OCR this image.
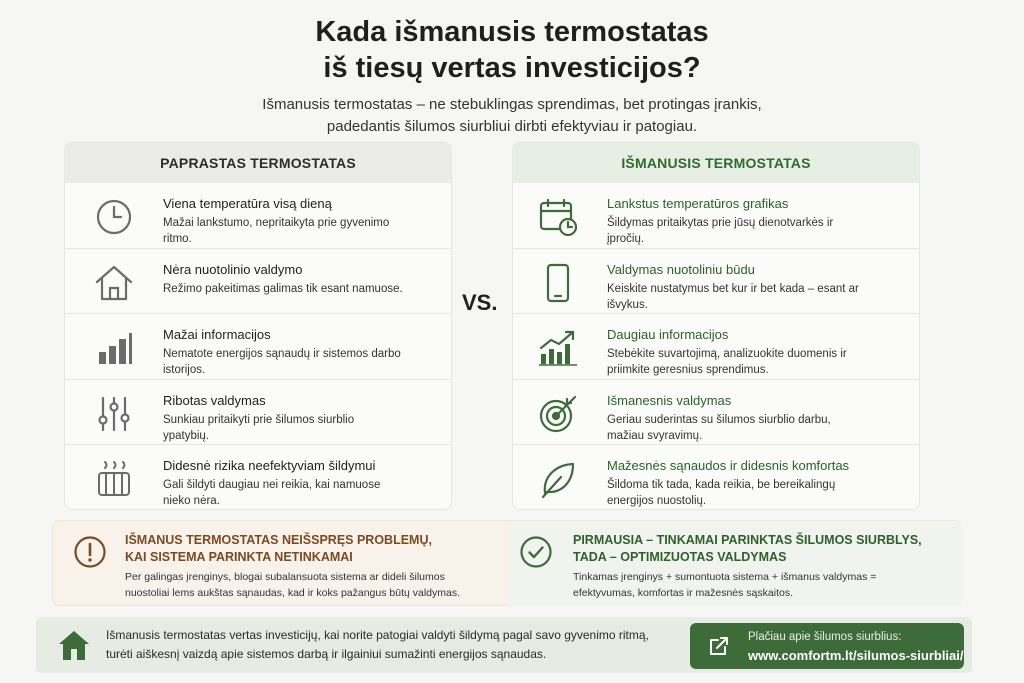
Kada išmanusis termostatas
iš tiesų vertas investicijos?
Išmanusis termostatas – ne stebuklingas sprendimas, bet protingas įrankis,
padedantis šilumos siurbliui dirbti efektyviau ir patogiau.
PAPRASTAS TERMOSTATAS
Viena temperatūra visą dieną
Mažai lankstumo, nepritaikyta prie gyvenimo ritmo.
Nėra nuotolinio valdymo
Režimo pakeitimas galimas tik esant namuose.
Mažai informacijos
Nematote energijos sąnaudų ir sistemos darbo istorijos.
Ribotas valdymas
Sunkiau pritaikyti prie šilumos siurblio ypatybių.
Didesnė rizika neefektyviam šildymui
Gali šildyti daugiau nei reikia, kai namuose nieko nėra.
VS.
IŠMANUSIS TERMOSTATAS
Lankstus temperatūros grafikas
Šildymas pritaikytas prie jūsų dienotvarkės ir įpročių.
Valdymas nuotoliniu būdu
Keiskite nustatymus bet kur ir bet kada – esant ar išvykus.
Daugiau informacijos
Stebėkite suvartojimą, analizuokite duomenis ir priimkite geresnius sprendimus.
Išmanesnis valdymas
Geriau suderintas su šilumos siurblio darbu, mažiau svyravimų.
Mažesnės sąnaudos ir didesnis komfortas
Šildoma tik tada, kada reikia, be bereikalingų energijos nuostolių.
IŠMANUS TERMOSTATAS NEIŠSPRĘS PROBLEMŲ,
KAI SISTEMA PARINKTA NETINKAMAI
Per galingas įrenginys, blogai subalansuota sistema ar dideli šilumos
nuostoliai lems aukštas sąnaudas, kad ir koks pažangus būtų valdymas.
PIRMAUSIA – TINKAMAI PARINKTAS ŠILUMOS SIURBLYS,
TADA – OPTIMIZUOTAS VALDYMAS
Tinkamas įrenginys + sumontuota sistema + išmanus valdymas =
efektyvumas, komfortas ir mažesnės sąskaitos.
Išmanusis termostatas vertas investicijų, kai norite patogiai valdyti šildymą pagal savo gyvenimo ritmą,
turėti aiškesnį vaizdą apie sistemos darbą ir ilgainiui sumažinti energijos sąnaudas.
Plačiau apie šilumos siurblius:
www.comfortm.lt/silumos-siurbliai/
